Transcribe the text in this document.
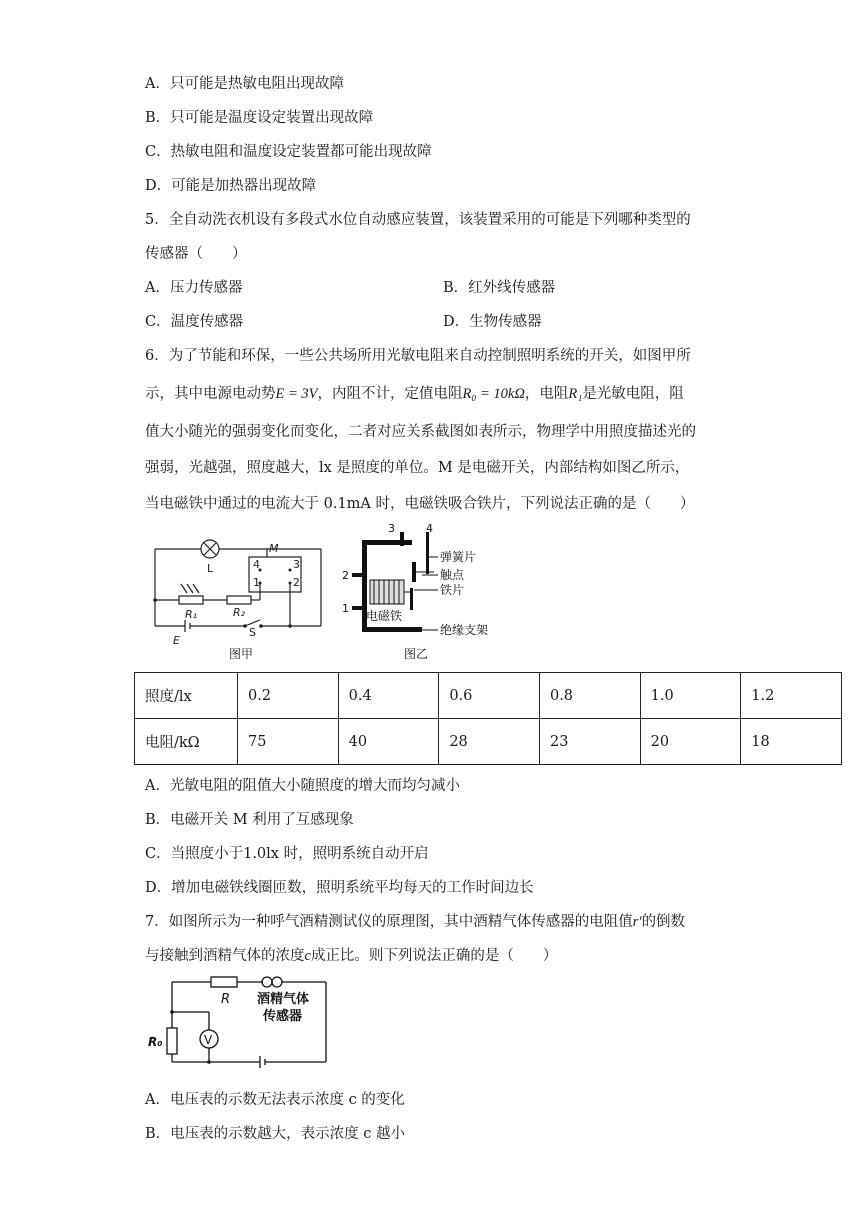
A．只可能是热敏电阻出现故障
B．只可能是温度设定装置出现故障
C．热敏电阻和温度设定装置都可能出现故障
D．可能是加热器出现故障
5．全自动洗衣机设有多段式水位自动感应装置，该装置采用的可能是下列哪种类型的
传感器（　　）
A．压力传感器	B．红外线传感器
C．温度传感器	D．生物传感器
6．为了节能和环保，一些公共场所用光敏电阻来自动控制照明系统的开关，如图甲所
示，其中电源电动势E = 3V，内阻不计，定值电阻R₀ = 10kΩ，电阻R₁是光敏电阻，阻
值大小随光的强弱变化而变化，二者对应关系截图如表所示，物理学中用照度描述光的
强弱，光越强，照度越大，lx 是照度的单位。M 是电磁开关，内部结构如图乙所示，
当电磁铁中通过的电流大于 0.1mA 时，电磁铁吸合铁片，下列说法正确的是（　　）
L
M
4	3
1	2
R₁	R₂
E
S
图甲
3	4
2
1
弹簧片
触点
铁片
电磁铁
绝缘支架
图乙
照度/lx	0.2	0.4	0.6	0.8	1.0	1.2
电阻/kΩ	75	40	28	23	20	18
A．光敏电阻的阻值大小随照度的增大而均匀减小
B．电磁开关 M 利用了互感现象
C．当照度小于1.0lx 时，照明系统自动开启
D．增加电磁铁线圈匝数，照明系统平均每天的工作时间边长
7．如图所示为一种呼气酒精测试仪的原理图，其中酒精气体传感器的电阻值r′的倒数
与接触到酒精气体的浓度c成正比。则下列说法正确的是（　　）
R
R₀	V
酒精气体
传感器
A．电压表的示数无法表示浓度 c 的变化
B．电压表的示数越大，表示浓度 c 越小
